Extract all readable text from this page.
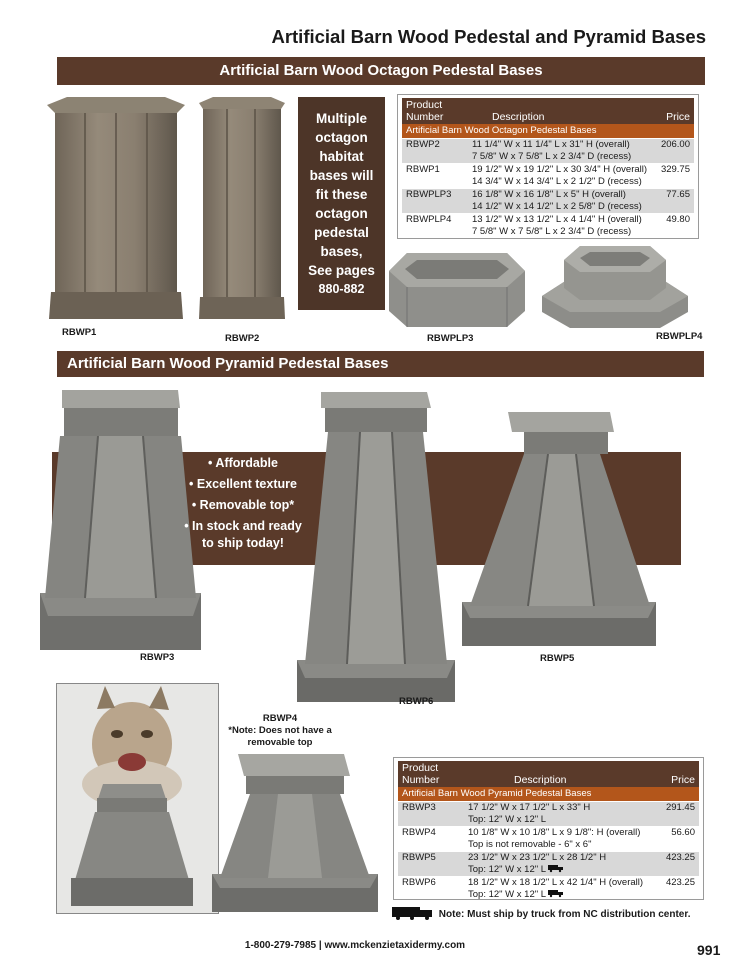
Artificial Barn Wood Pedestal and Pyramid Bases
Artificial Barn Wood Octagon Pedestal Bases
RBWP1
RBWP2
Multiple
octagon
habitat
bases will
fit these
octagon
pedestal
bases,
See pages
880-882
Product
Number	Description	Price
Artificial Barn Wood Octagon Pedestal Bases		
RBWP2	11 1/4" W x 11 1/4" L x 31" H (overall)
7 5/8" W x 7 5/8" L x 2 3/4" D (recess)	206.00
RBWP1	19 1/2" W x 19 1/2" L x 30 3/4" H (overall)
14 3/4" W x 14 3/4" L x 2 1/2" D (recess)	329.75
RBWPLP3	16 1/8" W x 16 1/8" L x 5" H (overall)
14 1/2" W x 14 1/2" L x 2 5/8" D (recess)	77.65
RBWPLP4	13 1/2" W x 13 1/2" L x 4 1/4" H (overall)
7 5/8" W x 7 5/8" L x 2 3/4" D (recess)	49.80
RBWPLP3	RBWPLP4
Artificial Barn Wood Pyramid Pedestal Bases
RBWP3
• Affordable
• Excellent texture
• Removable top*
• In stock and ready to ship today!
RBWP6
RBWP5
RBWP4
*Note: Does not have a removable top
Product
Number	Description	Price
Artificial Barn Wood Pyramid Pedestal Bases		
RBWP3	17 1/2" W x 17 1/2" L x 33" H
Top: 12" W x 12" L	291.45
RBWP4	10 1/8" W x 10 1/8" L x 9 1/8": H (overall)
Top is not removable - 6" x 6"	56.60
RBWP5	23 1/2" W x 23 1/2" L x 28 1/2" H
Top: 12" W x 12" L	423.25
RBWP6	18 1/2" W x 18 1/2" L x 42 1/4" H (overall)
Top: 12" W x 12" L	423.25
Note: Must ship by truck from NC distribution center.
1-800-279-7985 | www.mckenzietaxidermy.com	991
